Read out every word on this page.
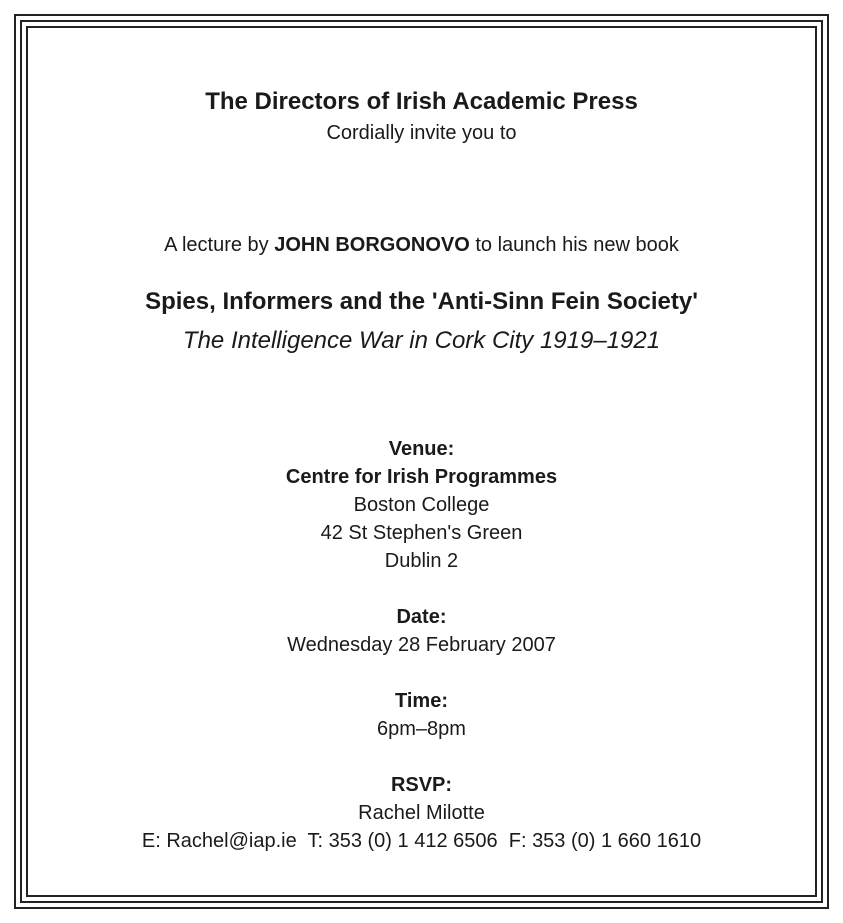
The Directors of Irish Academic Press
Cordially invite you to
A lecture by JOHN BORGONOVO to launch his new book
Spies, Informers and the 'Anti-Sinn Fein Society'
The Intelligence War in Cork City 1919–1921
Venue:
Centre for Irish Programmes
Boston College
42 St Stephen's Green
Dublin 2
Date:
Wednesday 28 February 2007
Time:
6pm–8pm
RSVP:
Rachel Milotte
E: Rachel@iap.ie  T: 353 (0) 1 412 6506  F: 353 (0) 1 660 1610
